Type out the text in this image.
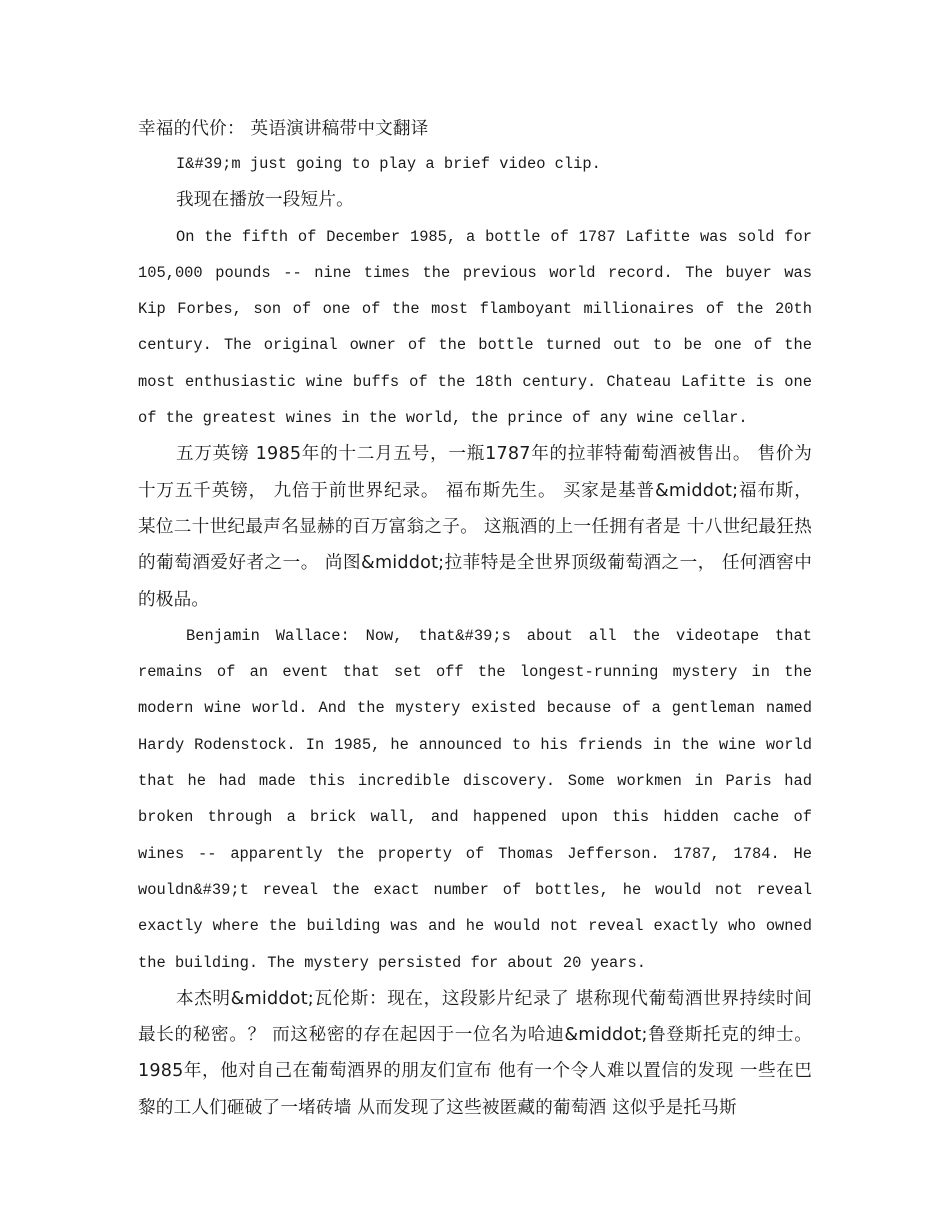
幸福的代价： 英语演讲稿带中文翻译

I&#39;m just going to play a brief video clip.

我现在播放一段短片。

On the fifth of December 1985, a bottle of 1787 Lafitte was sold for 105,000 pounds -- nine times the previous world record. The buyer was Kip Forbes, son of one of the most flamboyant millionaires of the 20th century. The original owner of the bottle turned out to be one of the most enthusiastic wine buffs of the 18th century. Chateau Lafitte is one of the greatest wines in the world, the prince of any wine cellar.

五万英镑 1985年的十二月五号，一瓶1787年的拉菲特葡萄酒被售出。 售价为十万五千英镑， 九倍于前世界纪录。 福布斯先生。 买家是基普&middot;福布斯， 某位二十世纪最声名显赫的百万富翁之子。 这瓶酒的上一任拥有者是 十八世纪最狂热的葡萄酒爱好者之一。 尚图&middot;拉菲特是全世界顶级葡萄酒之一， 任何酒窖中的极品。

Benjamin Wallace: Now, that&#39;s about all the videotape that remains of an event that set off the longest-running mystery in the modern wine world. And the mystery existed because of a gentleman named Hardy Rodenstock. In 1985, he announced to his friends in the wine world that he had made this incredible discovery. Some workmen in Paris had broken through a brick wall, and happened upon this hidden cache of wines -- apparently the property of Thomas Jefferson. 1787, 1784. He wouldn&#39;t reveal the exact number of bottles, he would not reveal exactly where the building was and he would not reveal exactly who owned the building. The mystery persisted for about 20 years.

本杰明&middot;瓦伦斯：现在，这段影片纪录了 堪称现代葡萄酒世界持续时间最长的秘密。？ 而这秘密的存在起因于一位名为哈迪&middot;鲁登斯托克的绅士。 1985年，他对自己在葡萄酒界的朋友们宣布 他有一个令人难以置信的发现 一些在巴黎的工人们砸破了一堵砖墙 从而发现了这些被匿藏的葡萄酒 这似乎是托马斯
